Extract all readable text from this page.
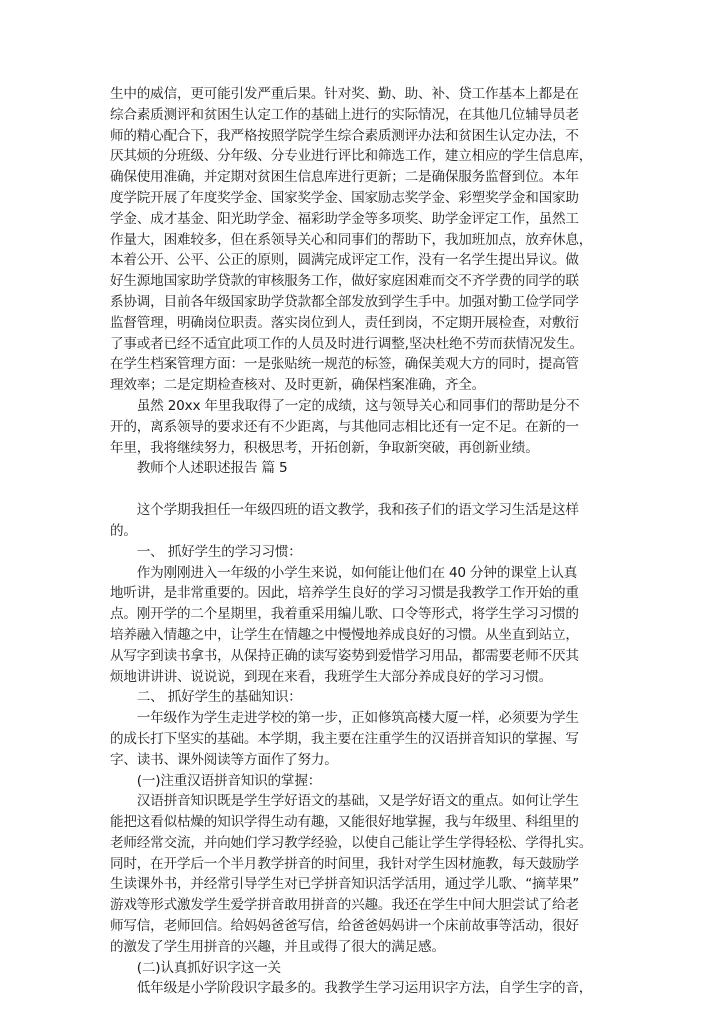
生中的威信，更可能引发严重后果。针对奖、勤、助、补、贷工作基本上都是在
综合素质测评和贫困生认定工作的基础上进行的实际情况，在其他几位辅导员老
师的精心配合下，我严格按照学院学生综合素质测评办法和贫困生认定办法，不
厌其烦的分班级、分年级、分专业进行评比和筛选工作，建立相应的学生信息库，
确保使用准确，并定期对贫困生信息库进行更新；二是确保服务监督到位。本年
度学院开展了年度奖学金、国家奖学金、国家励志奖学金、彩塑奖学金和国家助
学金、成才基金、阳光助学金、福彩助学金等多项奖、助学金评定工作，虽然工
作量大，困难较多，但在系领导关心和同事们的帮助下，我加班加点，放弃休息，
本着公开、公平、公正的原则，圆满完成评定工作，没有一名学生提出异议。做
好生源地国家助学贷款的审核服务工作，做好家庭困难而交不齐学费的同学的联
系协调，目前各年级国家助学贷款都全部发放到学生手中。加强对勤工俭学同学
监督管理，明确岗位职责。落实岗位到人，责任到岗，不定期开展检查，对敷衍
了事或者已经不适宜此项工作的人员及时进行调整,坚决杜绝不劳而获情况发生。
在学生档案管理方面：一是张贴统一规范的标签，确保美观大方的同时，提高管
理效率；二是定期检查核对、及时更新，确保档案准确，齐全。
　　虽然 20xx 年里我取得了一定的成绩，这与领导关心和同事们的帮助是分不
开的，离系领导的要求还有不少距离，与其他同志相比还有一定不足。在新的一
年里，我将继续努力，积极思考，开拓创新，争取新突破，再创新业绩。
　　教师个人述职述报告 篇 5
　　这个学期我担任一年级四班的语文教学，我和孩子们的语文学习生活是这样
的。
　　一、 抓好学生的学习习惯：
　　作为刚刚进入一年级的小学生来说，如何能让他们在 40 分钟的课堂上认真
地听讲，是非常重要的。因此，培养学生良好的学习习惯是我教学工作开始的重
点。刚开学的二个星期里，我着重采用编儿歌、口令等形式，将学生学习习惯的
培养融入情趣之中，让学生在情趣之中慢慢地养成良好的习惯。从坐直到站立，
从写字到读书拿书，从保持正确的读写姿势到爱惜学习用品，都需要老师不厌其
烦地讲讲讲、说说说，到现在来看，我班学生大部分养成良好的学习习惯。
　　二、 抓好学生的基础知识：
　　一年级作为学生走进学校的第一步，正如修筑高楼大厦一样，必须要为学生
的成长打下坚实的基础。本学期，我主要在注重学生的汉语拼音知识的掌握、写
字、读书、课外阅读等方面作了努力。
　　(一)注重汉语拼音知识的掌握：
　　汉语拼音知识既是学生学好语文的基础，又是学好语文的重点。如何让学生
能把这看似枯燥的知识学得生动有趣，又能很好地掌握，我与年级里、科组里的
老师经常交流，并向她们学习教学经验，以使自己能让学生学得轻松、学得扎实。
同时，在开学后一个半月教学拼音的时间里，我针对学生因材施教，每天鼓励学
生读课外书，并经常引导学生对已学拼音知识活学活用，通过学儿歌、“摘苹果”
游戏等形式激发学生爱学拼音敢用拼音的兴趣。我还在学生中间大胆尝试了给老
师写信，老师回信。给妈妈爸爸写信，给爸爸妈妈讲一个床前故事等活动，很好
的激发了学生用拼音的兴趣，并且或得了很大的满足感。
　　(二)认真抓好识字这一关
　　低年级是小学阶段识字最多的。我教学生学习运用识字方法，自学生字的音，
